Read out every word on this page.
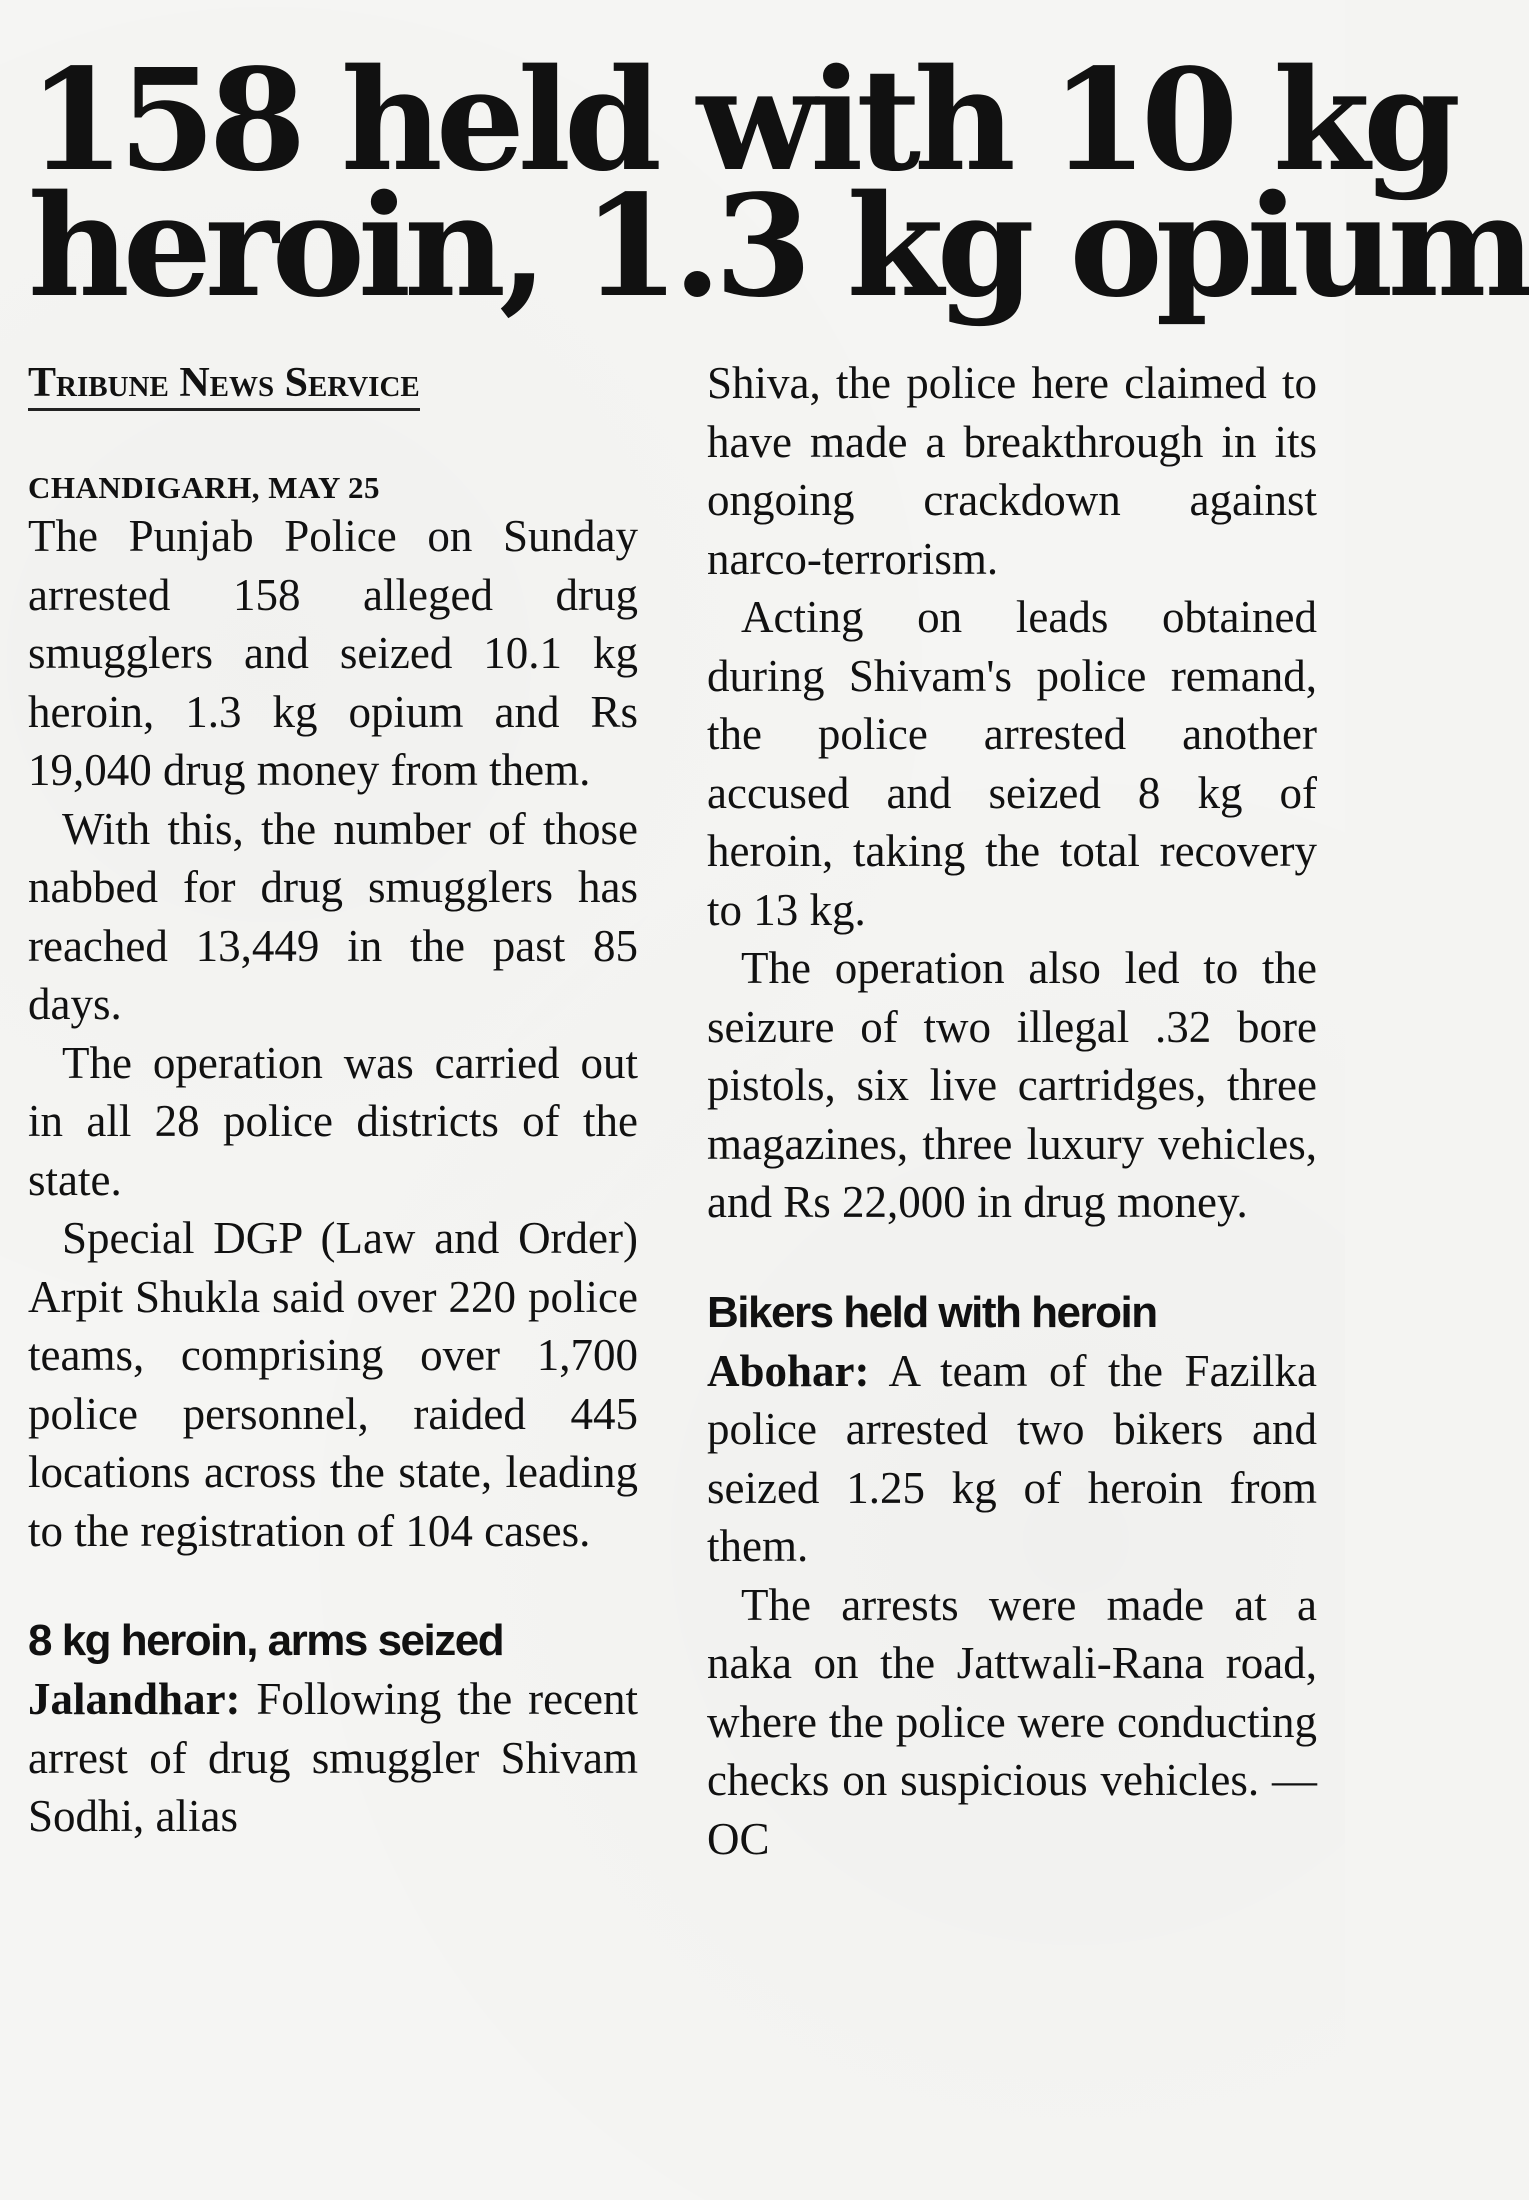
158 held with 10 kg
heroin, 1.3 kg opium
Tribune News Service
CHANDIGARH, MAY 25

The Punjab Police on Sunday arrested 158 alleged drug smugglers and seized 10.1 kg heroin, 1.3 kg opium and Rs 19,040 drug money from them.

With this, the number of those nabbed for drug smugglers has reached 13,449 in the past 85 days.

The operation was carried out in all 28 police districts of the state.

Special DGP (Law and Order) Arpit Shukla said over 220 police teams, comprising over 1,700 police personnel, raided 445 locations across the state, leading to the registration of 104 cases.

8 kg heroin, arms seized

Jalandhar: Following the recent arrest of drug smuggler Shivam Sodhi, alias

Shiva, the police here claimed to have made a breakthrough in its ongoing crackdown against narco-terrorism.

Acting on leads obtained during Shivam's police remand, the police arrested another accused and seized 8 kg of heroin, taking the total recovery to 13 kg.

The operation also led to the seizure of two illegal .32 bore pistols, six live cartridges, three magazines, three luxury vehicles, and Rs 22,000 in drug money.

Bikers held with heroin

Abohar: A team of the Fazilka police arrested two bikers and seized 1.25 kg of heroin from them.

The arrests were made at a naka on the Jattwali-Rana road, where the police were conducting checks on suspicious vehicles. — OC
